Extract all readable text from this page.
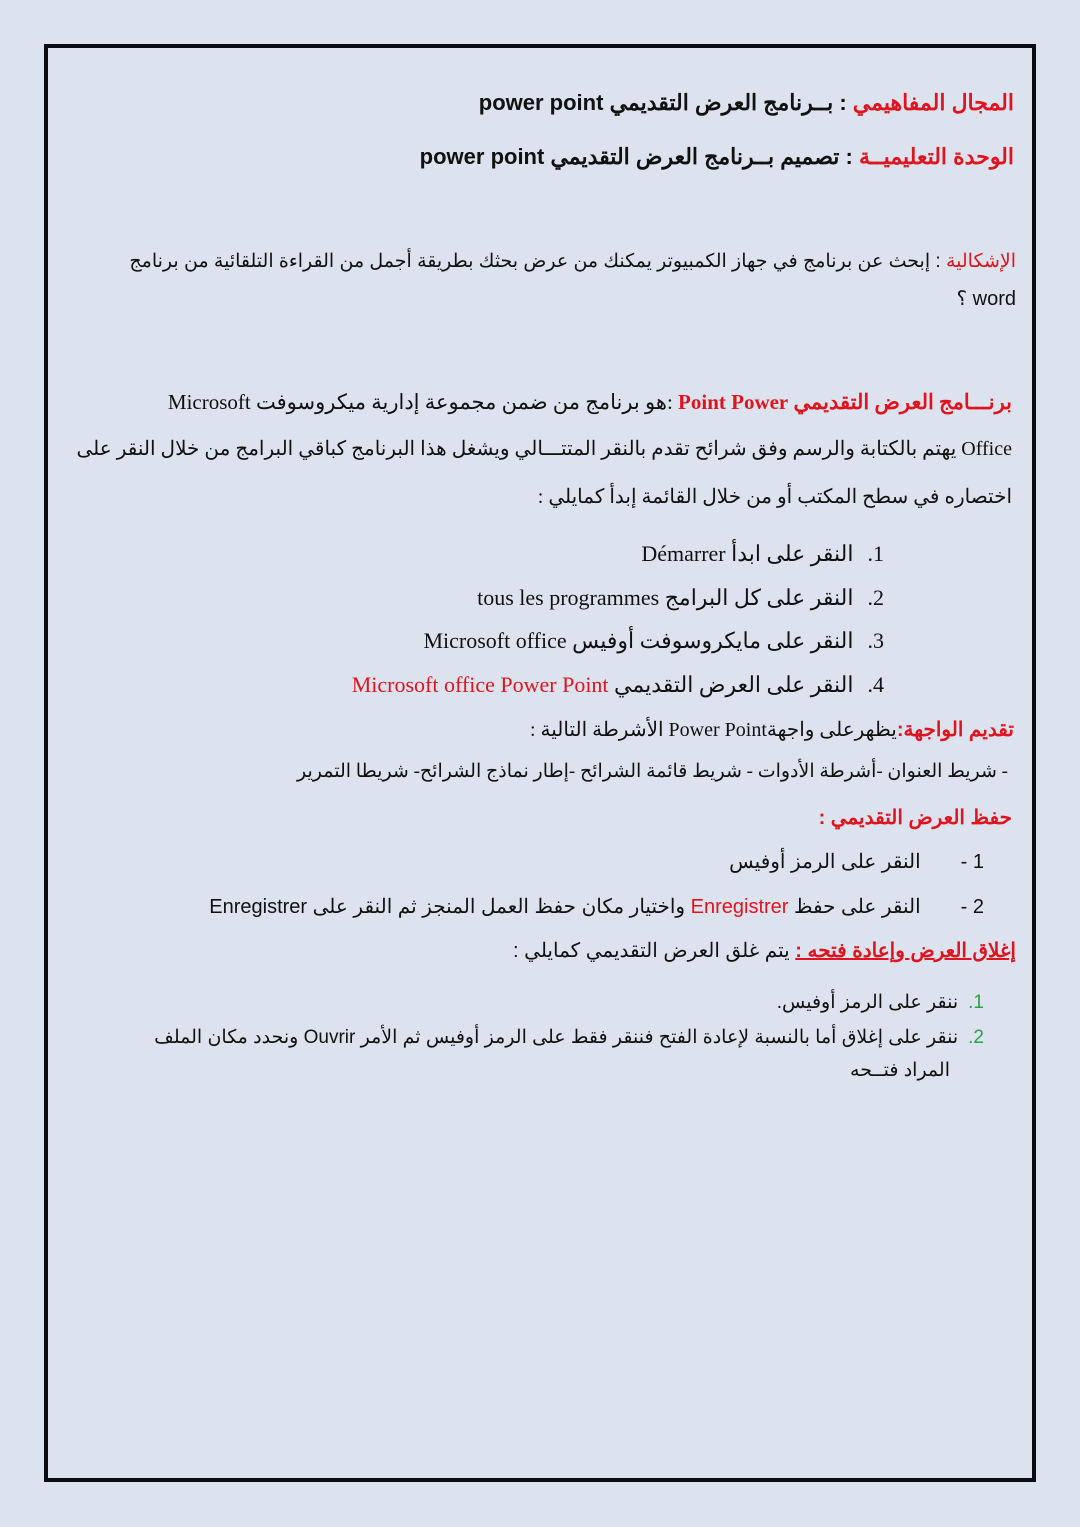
المجال المفاهيمي : بــرنامج العرض التقديمي power point
الوحدة التعليميــة : تصميم بــرنامج العرض التقديمي power point
الإشكالية : إبحث عن برنامج في جهاز الكمبيوتر يمكنك من عرض بحثك بطريقة أجمل من القراءة التلقائية من برنامج
word ؟
برنـــامج العرض التقديمي Point Power :هو برنامج من ضمن مجموعة إدارية ميكروسوفت Microsoft
Office يهتم بالكتابة والرسم وفق شرائح تقدم بالنقر المتتـــالي ويشغل هذا البرنامج كباقي البرامج من خلال النقر على
اختصاره في سطح المكتب أو من خلال القائمة إبدأ كمايلي :
1.النقر على ابدأ Démarrer
2.النقر على كل البرامج tous les programmes
3.النقر على مايكروسوفت أوفيس Microsoft office
4.النقر على العرض التقديمي Microsoft office Power Point
تقديم الواجهة:يظهرعلى واجهةPower Point الأشرطة التالية :
- شريط العنوان -أشرطة الأدوات - شريط قائمة الشرائح -إطار نماذج الشرائح- شريطا التمرير
حفظ العرض التقديمي :
1 -النقر على الرمز أوفيس
2 -النقر على حفظ Enregistrer واختيار مكان حفظ العمل المنجز ثم النقر على Enregistrer
إغلاق العرض وإعادة فتحه : يتم غلق العرض التقديمي كمايلي :
1.ننقر على الرمز أوفيس.
2.ننقر على إغلاق أما بالنسبة لإعادة الفتح فننقر فقط على الرمز أوفيس ثم الأمر Ouvrir ونحدد مكان الملف
المراد فتــحه
